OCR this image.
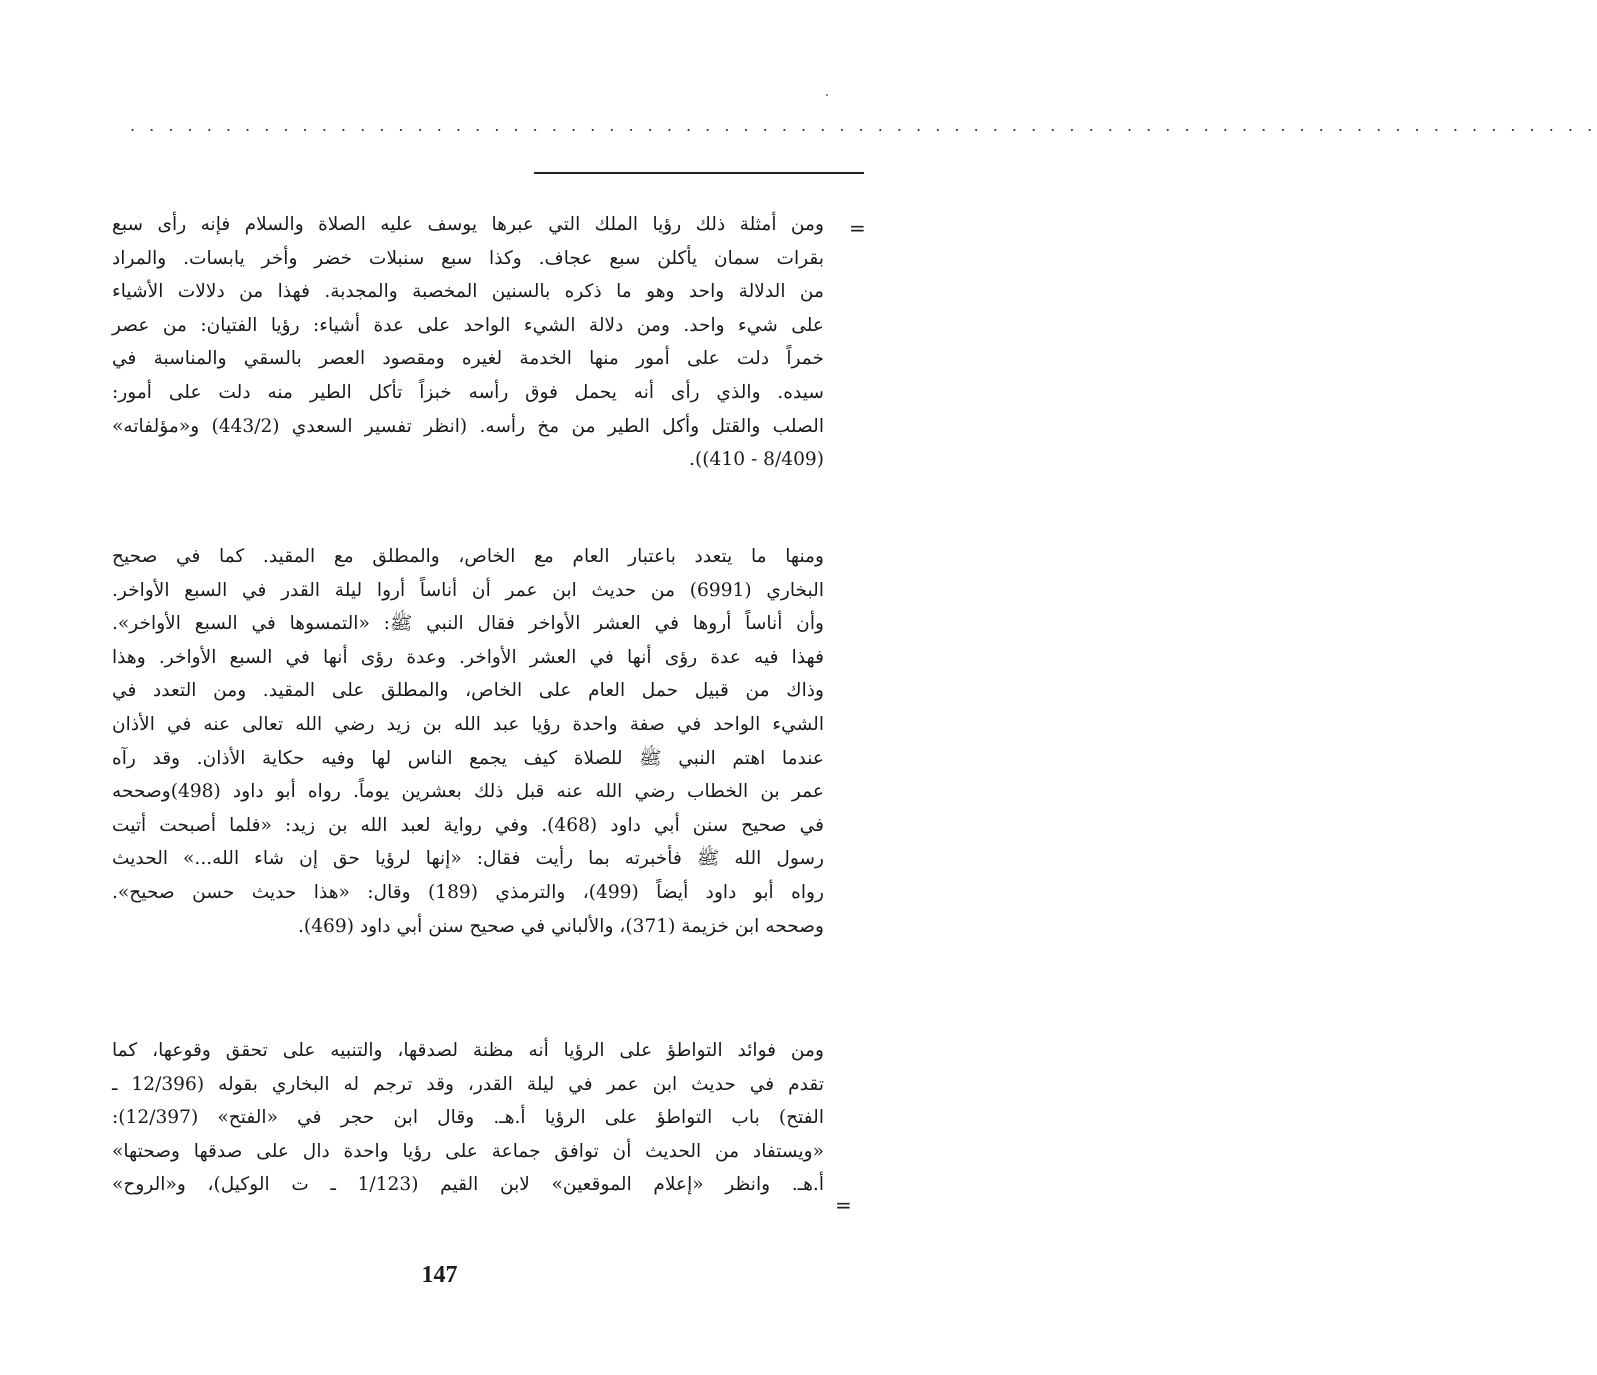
. . . . . . . . . . . . . . . . . . . . . . . . . . . . . . . . . . . . . . . . . . . . . . . . . . . . . . . . . . . . . . . . . . . . . . . . . . . . .
=
ومن أمثلة ذلك رؤيا الملك التي عبرها يوسف عليه الصلاة والسلام فإنه رأى سبع
بقرات سمان يأكلن سبع عجاف. وكذا سبع سنبلات خضر وأخر يابسات. والمراد
من الدلالة واحد وهو ما ذكره بالسنين المخصبة والمجدبة. فهذا من دلالات الأشياء
على شيء واحد. ومن دلالة الشيء الواحد على عدة أشياء: رؤيا الفتيان: من عصر
خمراً دلت على أمور منها الخدمة لغيره ومقصود العصر بالسقي والمناسبة في
سيده. والذي رأى أنه يحمل فوق رأسه خبزاً تأكل الطير منه دلت على أمور:
الصلب والقتل وأكل الطير من مخ رأسه. (انظر تفسير السعدي (443/2) و«مؤلفاته»
(8/409 - 410)).
ومنها ما يتعدد باعتبار العام مع الخاص، والمطلق مع المقيد. كما في صحيح
البخاري (6991) من حديث ابن عمر أن أناساً أروا ليلة القدر في السبع الأواخر.
وأن أناساً أروها في العشر الأواخر فقال النبي ﷺ: «التمسوها في السبع الأواخر».
فهذا فيه عدة رؤى أنها في العشر الأواخر. وعدة رؤى أنها في السبع الأواخر. وهذا
وذاك من قبيل حمل العام على الخاص، والمطلق على المقيد. ومن التعدد في
الشيء الواحد في صفة واحدة رؤيا عبد الله بن زيد رضي الله تعالى عنه في الأذان
عندما اهتم النبي ﷺ للصلاة كيف يجمع الناس لها وفيه حكاية الأذان. وقد رآه
عمر بن الخطاب رضي الله عنه قبل ذلك بعشرين يوماً. رواه أبو داود (498)وصححه
في صحيح سنن أبي داود (468). وفي رواية لعبد الله بن زيد: «فلما أصبحت أتيت
رسول الله ﷺ فأخبرته بما رأيت فقال: «إنها لرؤيا حق إن شاء الله...» الحديث
رواه أبو داود أيضاً (499)، والترمذي (189) وقال: «هذا حديث حسن صحيح».
وصححه ابن خزيمة (371)، والألباني في صحيح سنن أبي داود (469).
ومن فوائد التواطؤ على الرؤيا أنه مظنة لصدقها، والتنبيه على تحقق وقوعها، كما
تقدم في حديث ابن عمر في ليلة القدر، وقد ترجم له البخاري بقوله (12/396 ـ
الفتح) باب التواطؤ على الرؤيا أ.هـ. وقال ابن حجر في «الفتح» (12/397):
«ويستفاد من الحديث أن توافق جماعة على رؤيا واحدة دال على صدقها وصحتها»
أ.هـ. وانظر «إعلام الموقعين» لابن القيم (1/123 ـ ت الوكيل)، و«الروح»
=
147
